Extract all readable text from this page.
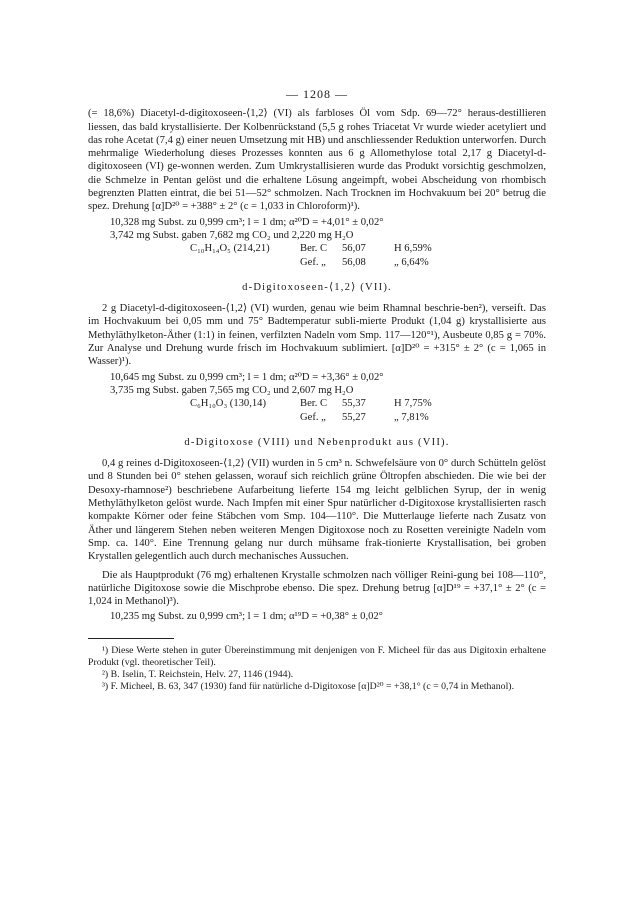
— 1208 —

(= 18,6%) Diacetyl-d-digitoxoseen-⟨1,2⟩ (VI) als farbloses Öl vom Sdp. 69—72° heraus-destillieren liessen, das bald krystallisierte. Der Kolbenrückstand (5,5 g rohes Triacetat Vr wurde wieder acetyliert und das rohe Acetat (7,4 g) einer neuen Umsetzung mit HB) und anschliessender Reduktion unterworfen. Durch mehrmalige Wiederholung dieses Prozesses konnten aus 6 g Allomethylose total 2,17 g Diacetyl-d-digitoxoseen (VI) ge-wonnen werden. Zum Umkrystallisieren wurde das Produkt vorsichtig geschmolzen, die Schmelze in Pentan gelöst und die erhaltene Lösung angeimpft, wobei Abscheidung von rhombisch begrenzten Platten eintrat, die bei 51—52° schmolzen. Nach Trocknen im Hochvakuum bei 20° betrug die spez. Drehung [α]D²⁰ = +388° ± 2° (c = 1,033 in Chloroform)¹).

10,328 mg Subst. zu 0,999 cm³; l = 1 dm; α²⁰D = +4,01° ± 0,02°
3,742 mg Subst. gaben 7,682 mg CO₂ und 2,220 mg H₂O
C₁₀H₁₄O₅ (214,21)	Ber. C	56,07	H 6,59%
Gef. „	56,08	„ 6,64%
d-Digitoxoseen-⟨1,2⟩ (VII).

2 g Diacetyl-d-digitoxoseen-⟨1,2⟩ (VI) wurden, genau wie beim Rhamnal beschrie-ben²), verseift. Das im Hochvakuum bei 0,05 mm und 75° Badtemperatur subli-mierte Produkt (1,04 g) krystallisierte aus Methyläthylketon-Äther (1:1) in feinen, verfilzten Nadeln vom Smp. 117—120°¹), Ausbeute 0,85 g = 70%. Zur Analyse und Drehung wurde frisch im Hochvakuum sublimiert. [α]D²⁰ = +315° ± 2° (c = 1,065 in Wasser)¹).

10,645 mg Subst. zu 0,999 cm³; l = 1 dm; α²⁰D = +3,36° ± 0,02°
3,735 mg Subst. gaben 7,565 mg CO₂ und 2,607 mg H₂O
C₆H₁₀O₃ (130,14)	Ber. C	55,37	H 7,75%
Gef. „	55,27	„ 7,81%
d-Digitoxose (VIII) und Nebenprodukt aus (VII).

0,4 g reines d-Digitoxoseen-⟨1,2⟩ (VII) wurden in 5 cm³ n. Schwefelsäure von 0° durch Schütteln gelöst und 8 Stunden bei 0° stehen gelassen, worauf sich reichlich grüne Öltropfen abschieden. Die wie bei der Desoxy-rhamnose²) beschriebene Aufarbeitung lieferte 154 mg leicht gelblichen Syrup, der in wenig Methyläthylketon gelöst wurde. Nach Impfen mit einer Spur natürlicher d-Digitoxose krystallisierten rasch kompakte Körner oder feine Stäbchen vom Smp. 104—110°. Die Mutterlauge lieferte nach Zusatz von Äther und längerem Stehen neben weiteren Mengen Digitoxose noch zu Rosetten vereinigte Nadeln vom Smp. ca. 140°. Eine Trennung gelang nur durch mühsame frak-tionierte Krystallisation, bei groben Krystallen gelegentlich auch durch mechanisches Aussuchen.

Die als Hauptprodukt (76 mg) erhaltenen Krystalle schmolzen nach völliger Reini-gung bei 108—110°, natürliche Digitoxose sowie die Mischprobe ebenso. Die spez. Drehung betrug [α]D¹⁹ = +37,1° ± 2° (c = 1,024 in Methanol)³).

10,235 mg Subst. zu 0,999 cm³; l = 1 dm; α¹⁹D = +0,38° ± 0,02°
¹) Diese Werte stehen in guter Übereinstimmung mit denjenigen von F. Micheel für das aus Digitoxin erhaltene Produkt (vgl. theoretischer Teil).
²) B. Iselin, T. Reichstein, Helv. 27, 1146 (1944).
³) F. Micheel, B. 63, 347 (1930) fand für natürliche d-Digitoxose [α]D²⁰ = +38,1° (c = 0,74 in Methanol).
